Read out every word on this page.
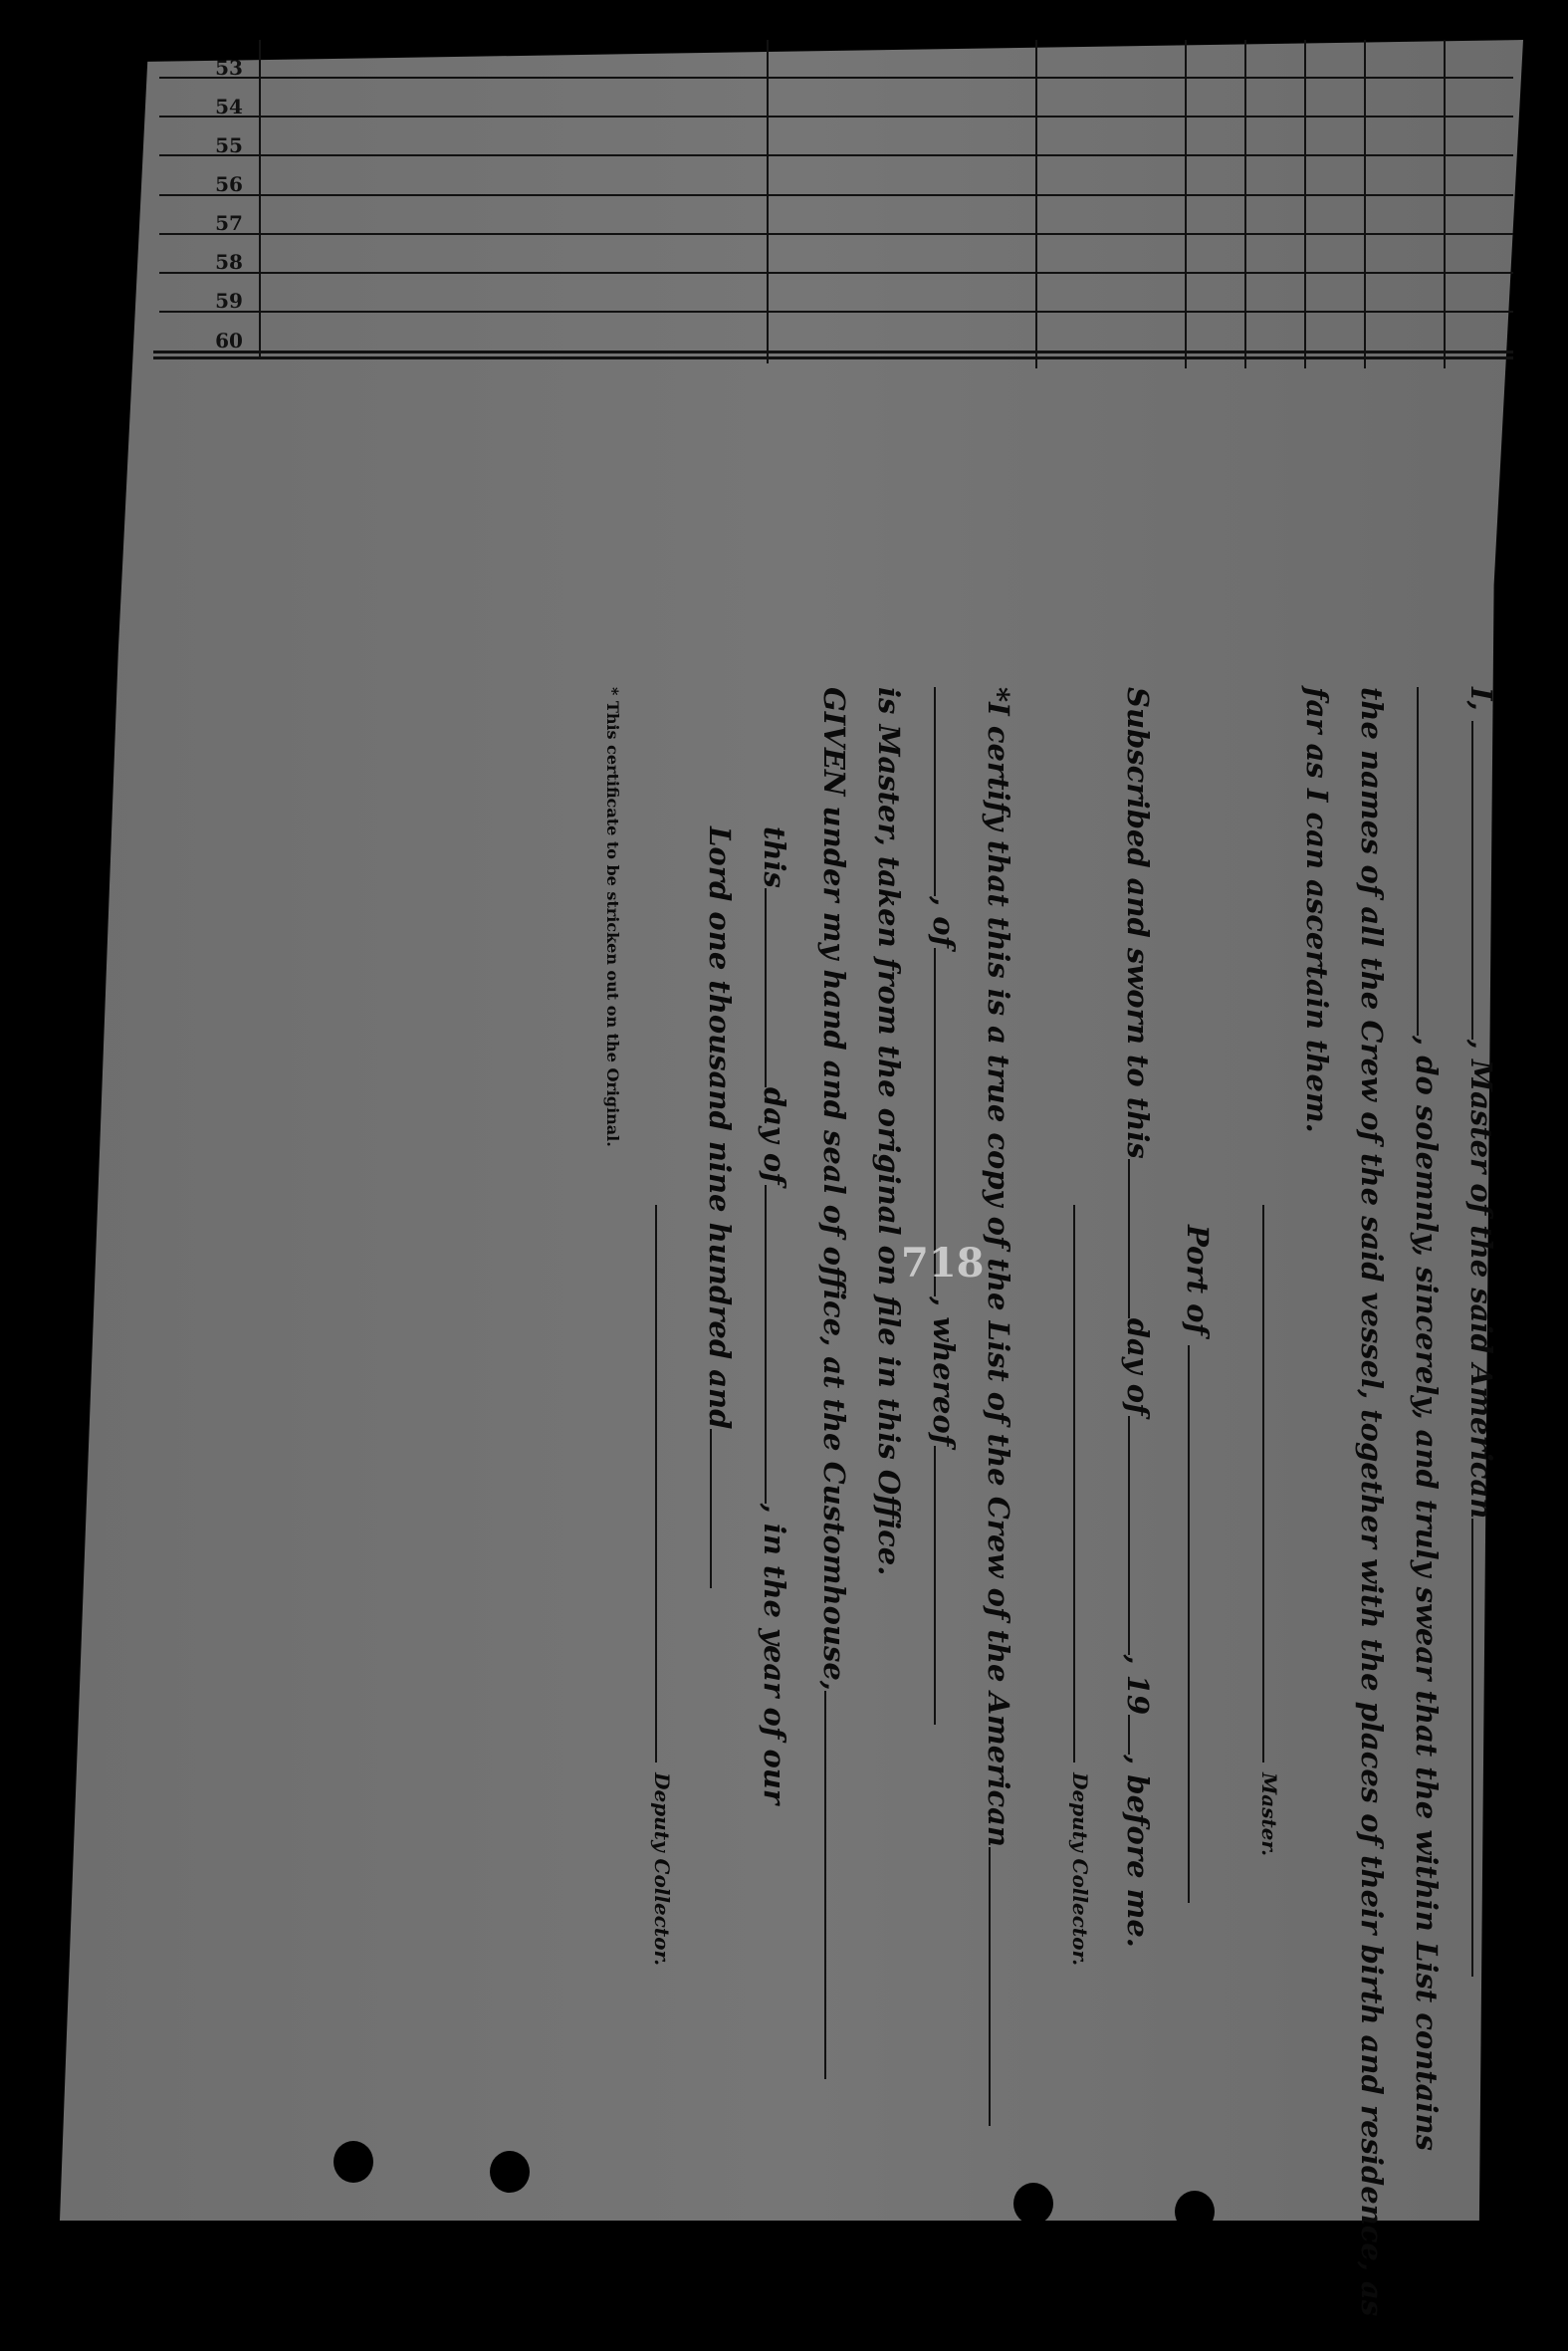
53
54
55
56
57
58
59
60
I, , Master of the said American
, do solemnly, sincerely, and truly swear that the within List contains
the names of all the Crew of the said vessel, together with the places of their birth and residence, as
far as I can ascertain them.
Master.
Port of
Subscribed and sworn to thisday of, 19, before me.
Deputy Collector.
*I certify that this is a true copy of the List of the Crew of the American
, of, whereof
is Master, taken from the original on file in this Office.
GIVEN under my hand and seal of office, at the Customhouse,
thisday of, in the year of our
Lord one thousand nine hundred and
Deputy Collector.
* This certificate to be stricken out on the Original.
718
